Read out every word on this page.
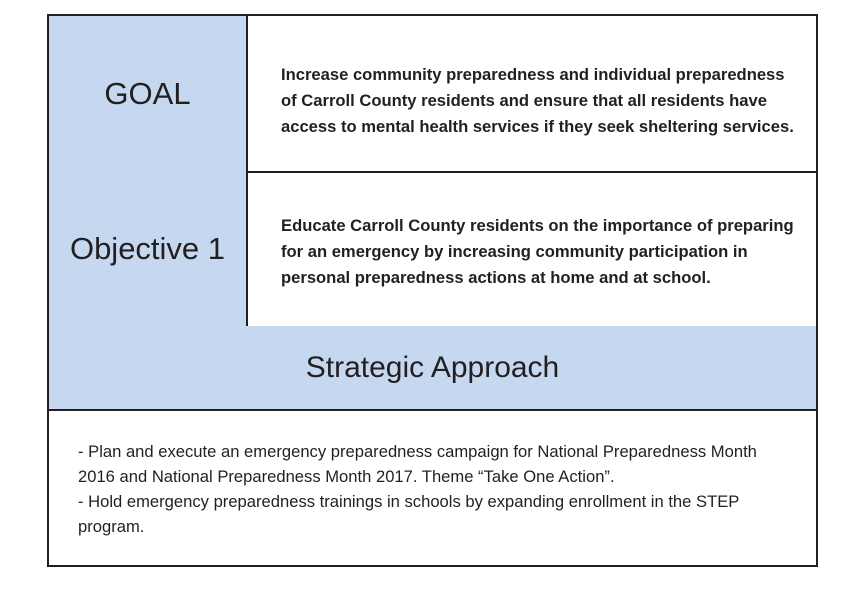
GOAL
Increase community preparedness and individual preparedness of Carroll County residents and ensure that all residents have access to mental health services if they seek sheltering services.
Objective 1
Educate Carroll County residents on the importance of preparing for an emergency by increasing community participation in personal preparedness actions at home and at school.
Strategic Approach
- Plan and execute an emergency preparedness campaign for National Preparedness Month 2016 and National Preparedness Month 2017. Theme “Take One Action”.
- Hold emergency preparedness trainings in schools by expanding enrollment in the STEP program.
